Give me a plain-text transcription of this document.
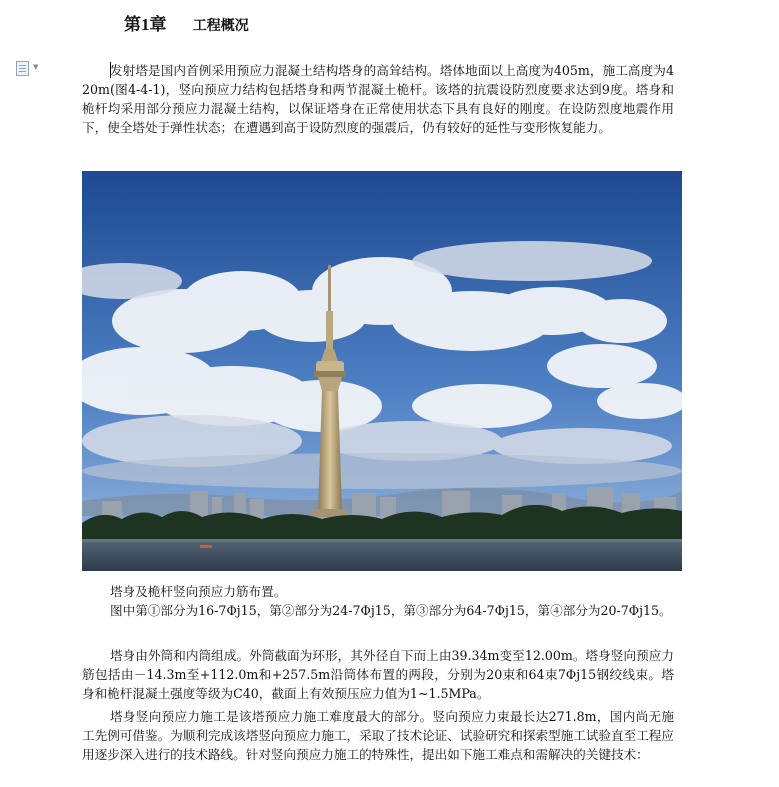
第1章 工程概况
▼	发射塔是国内首例采用预应力混凝土结构塔身的高耸结构。塔体地面以上高度为405m，施工高度为420m(图4-4-1)，竖向预应力结构包括塔身和两节混凝土桅杆。该塔的抗震设防烈度要求达到9度。塔身和桅杆均采用部分预应力混凝土结构，以保证塔身在正常使用状态下具有良好的刚度。在设防烈度地震作用下，使全塔处于弹性状态；在遭遇到高于设防烈度的强震后，仍有较好的延性与变形恢复能力。

塔身及桅杆竖向预应力筋布置。

图中第①部分为16-7Φj15，第②部分为24-7Φj15，第③部分为64-7Φj15，第④部分为20-7Φj15。

塔身由外筒和内筒组成。外筒截面为环形，其外径自下而上由39.34m变至12.00m。塔身竖向预应力筋包括由－14.3m至+112.0m和+257.5m沿筒体布置的两段，分别为20束和64束7Φj15钢绞线束。塔身和桅杆混凝土强度等级为C40，截面上有效预压应力值为1~1.5MPa。

塔身竖向预应力施工是该塔预应力施工难度最大的部分。竖向预应力束最长达271.8m，国内尚无施工先例可借鉴。为顺利完成该塔竖向预应力施工，采取了技术论证、试验研究和探索型施工试验直至工程应用逐步深入进行的技术路线。针对竖向预应力施工的特殊性，提出如下施工难点和需解决的关键技术：
